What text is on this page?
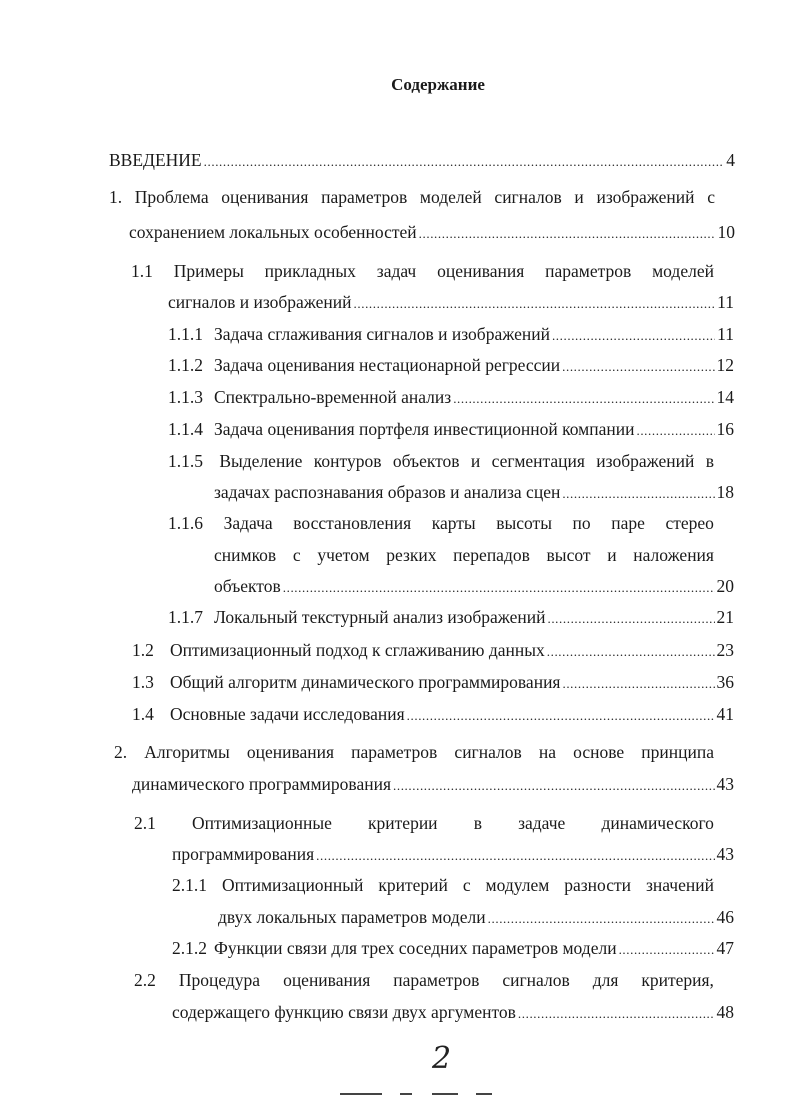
Содержание
ВВЕДЕНИЕ .....	4
1. Проблема оценивания параметров моделей сигналов и изображений с
сохранением локальных особенностей .....	10
1.1 Примеры прикладных задач оценивания параметров моделей
сигналов и изображений .....	11
1.1.1 Задача сглаживания сигналов и изображений .....	11
1.1.2 Задача оценивания нестационарной регрессии .....	12
1.1.3 Спектрально-временной анализ .....	14
1.1.4 Задача оценивания портфеля инвестиционной компании .....	16
1.1.5 Выделение контуров объектов и сегментация изображений в
задачах распознавания образов и анализа сцен .....	18
1.1.6 Задача восстановления карты высоты по паре стерео
снимков с учетом резких перепадов высот и наложения
объектов .....	20
1.1.7 Локальный текстурный анализ изображений .....	21
1.2 Оптимизационный подход к сглаживанию данных .....	23
1.3 Общий алгоритм динамического программирования .....	36
1.4 Основные задачи исследования .....	41
2. Алгоритмы оценивания параметров сигналов на основе принципа
динамического программирования .....	43
2.1 Оптимизационные критерии в задаче динамического
программирования .....	43
2.1.1 Оптимизационный критерий с модулем разности значений
двух локальных параметров модели .....	46
2.1.2 Функции связи для трех соседних параметров модели .....	47
2.2 Процедура оценивания параметров сигналов для критерия,
содержащего функцию связи двух аргументов .....	48
2
